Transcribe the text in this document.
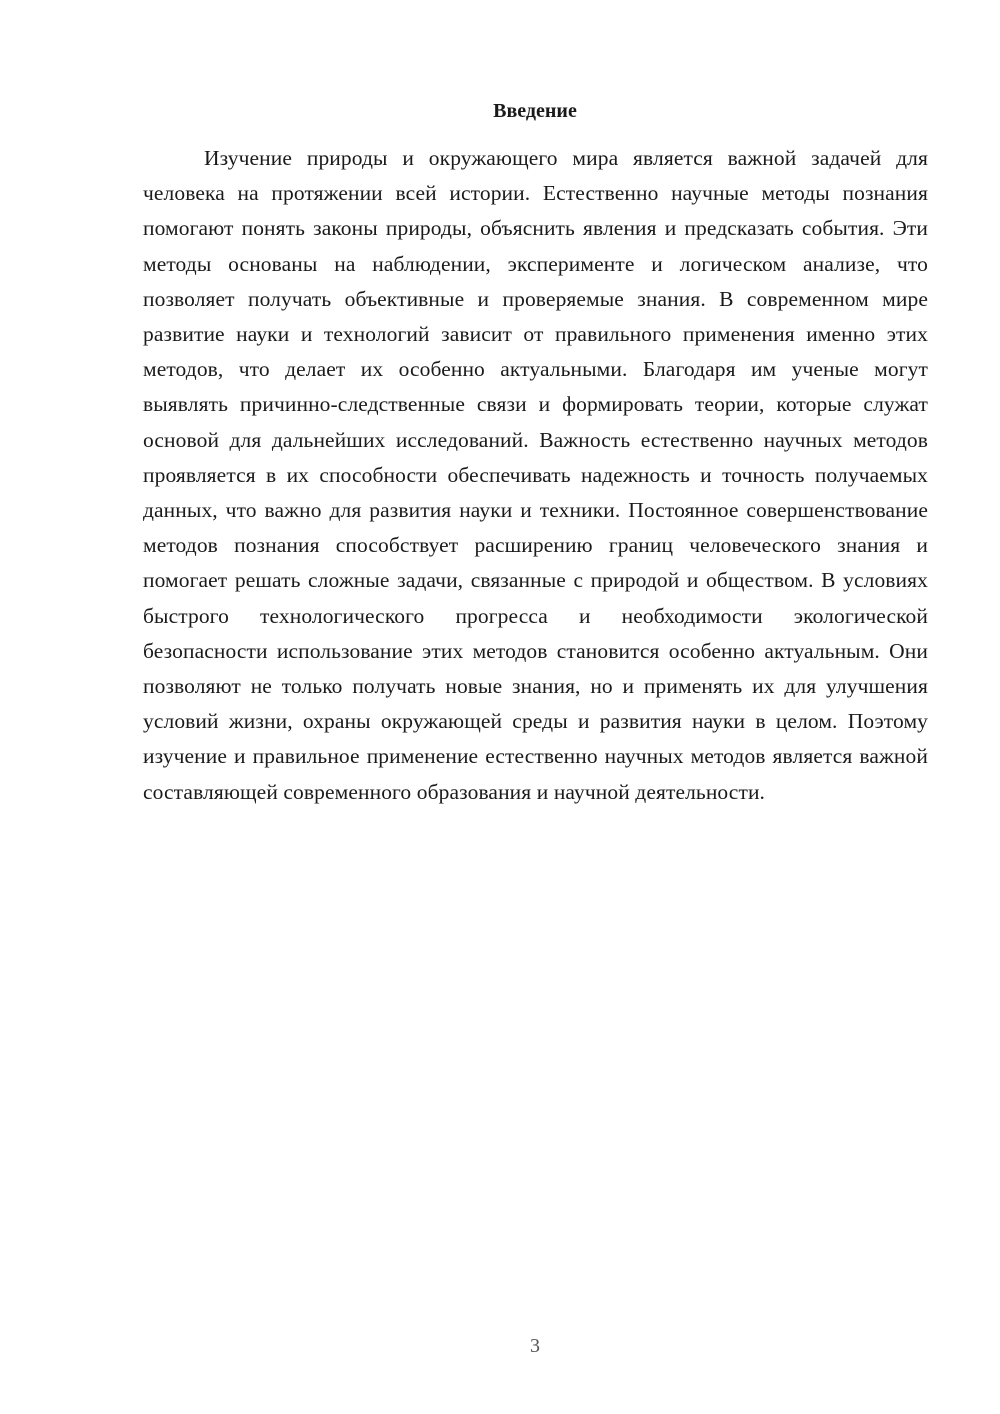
Введение

Изучение природы и окружающего мира является важной задачей для человека на протяжении всей истории. Естественно научные методы познания помогают понять законы природы, объяснить явления и предсказать события. Эти методы основаны на наблюдении, эксперименте и логическом анализе, что позволяет получать объективные и проверяемые знания. В современном мире развитие науки и технологий зависит от правильного применения именно этих методов, что делает их особенно актуальными. Благодаря им ученые могут выявлять причинно-следственные связи и формировать теории, которые служат основой для дальнейших исследований. Важность естественно научных методов проявляется в их способности обеспечивать надежность и точность получаемых данных, что важно для развития науки и техники. Постоянное совершенствование методов познания способствует расширению границ человеческого знания и помогает решать сложные задачи, связанные с природой и обществом. В условиях быстрого технологического прогресса и необходимости экологической безопасности использование этих методов становится особенно актуальным. Они позволяют не только получать новые знания, но и применять их для улучшения условий жизни, охраны окружающей среды и развития науки в целом. Поэтому изучение и правильное применение естественно научных методов является важной составляющей современного образования и научной деятельности.

3
